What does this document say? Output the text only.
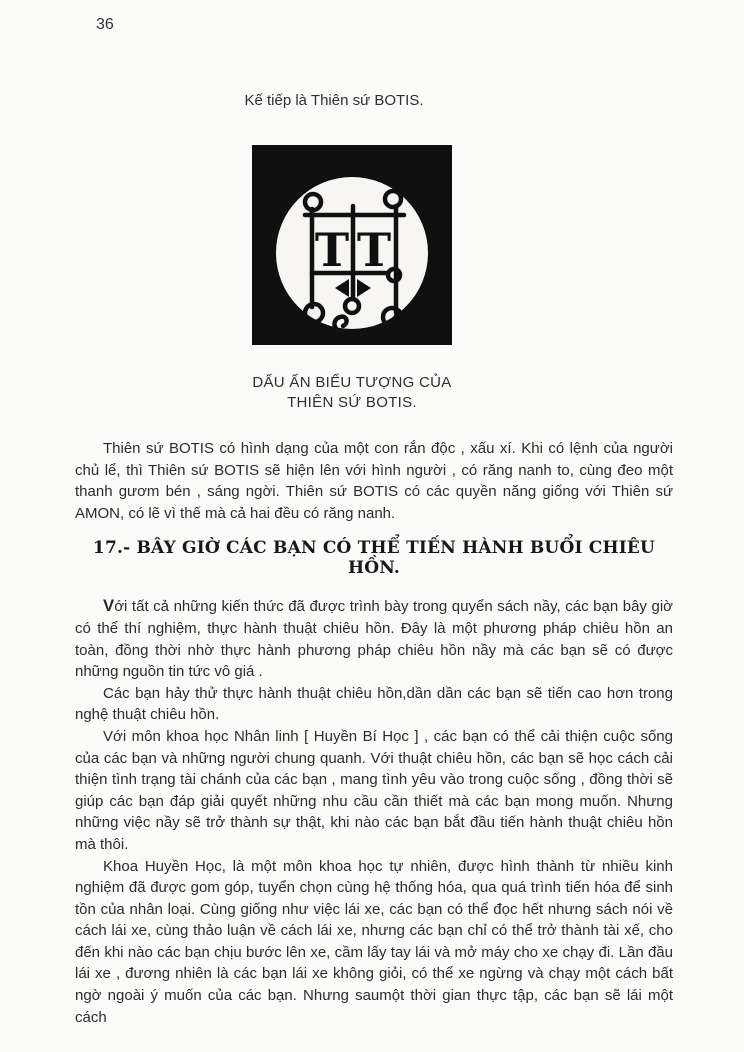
36

Kế tiếp là Thiên sứ BOTIS.

T T
DẤU ẤN BIỂU TƯỢNG CỦA
THIÊN SỨ BOTIS.

Thiên sứ BOTIS có hình dạng của một con rắn độc , xấu xí. Khi có lệnh của người chủ lể, thì Thiên sứ BOTIS sẽ hiện lên với hình người , có răng nanh to, cùng đeo một thanh gươm bén , sáng ngời. Thiên sứ BOTIS có các quyền năng giống với Thiên sứ AMON, có lẽ vì thế mà cả hai đều có răng nanh.

17.- BÂY GIỜ CÁC BẠN CÓ THỂ TIẾN HÀNH BUỔI CHIÊU HỒN.

Với tất cả những kiến thức đã được trình bày trong quyển sách nầy, các bạn bây giờ có thể thí nghiệm, thực hành thuật chiêu hồn. Đây là một phương pháp chiêu hồn an toàn, đồng thời nhờ thực hành phương pháp chiêu hồn nầy mà các bạn sẽ có được những nguồn tin tức vô giá .

Các bạn hảy thử thực hành thuật chiêu hồn,dần dần các bạn sẽ tiến cao hơn trong nghệ thuật chiêu hồn.

Với môn khoa học Nhân linh [ Huyền Bí Học ] , các bạn có thể cải thiện cuộc sống của các bạn và những người chung quanh. Với thuật chiêu hồn, các bạn sẽ học cách cải thiện tình trạng tài chánh của các bạn , mang tình yêu vào trong cuộc sống , đồng thời sẽ giúp các bạn đáp giải quyết những nhu cầu cần thiết mà các bạn mong muốn. Nhưng những việc nầy sẽ trở thành sự thật, khi nào các bạn bắt đầu tiến hành thuật chiêu hồn mà thôi.

Khoa Huyền Học, là một môn khoa học tự nhiên, được hình thành từ nhiều kinh nghiệm đã được gom góp, tuyển chọn cùng hệ thống hóa, qua quá trình tiến hóa để sinh tồn của nhân loại. Cùng giống như việc lái xe, các bạn có thể đọc hết nhưng sách nói về cách lái xe, cùng thảo luận về cách lái xe, nhưng các bạn chỉ có thể trở thành tài xế, cho đến khi nào các bạn chịu bước lên xe, cầm lấy tay lái và mở máy cho xe chạy đi. Lần đầu lái xe , đương nhiên là các bạn lái xe không giỏi, có thể xe ngừng và chạy một cách bất ngờ ngoài ý muốn của các bạn. Nhưng saumột thời gian thực tập, các bạn sẽ lái một cách
